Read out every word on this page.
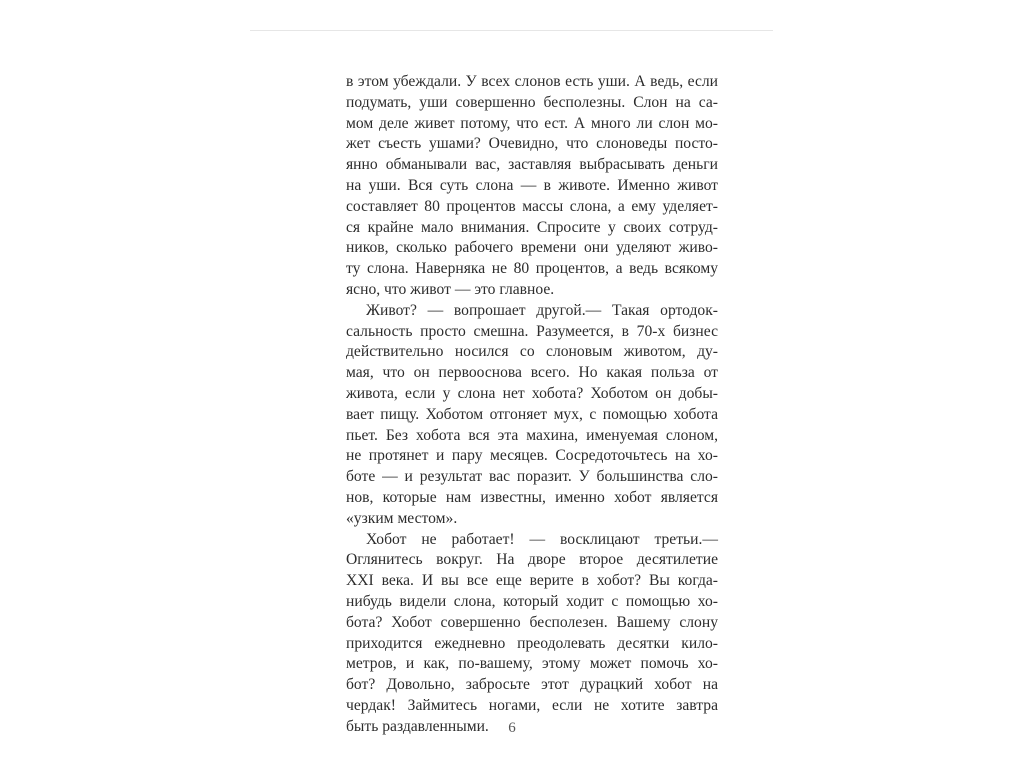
в этом убеждали. У всех слонов есть уши. А ведь, если
подумать, уши совершенно бесполезны. Слон на са-
мом деле живет потому, что ест. А много ли слон мо-
жет съесть ушами? Очевидно, что слоноведы посто-
янно обманывали вас, заставляя выбрасывать деньги
на уши. Вся суть слона — в животе. Именно живот
составляет 80 процентов массы слона, а ему уделяет-
ся крайне мало внимания. Спросите у своих сотруд-
ников, сколько рабочего времени они уделяют живо-
ту слона. Наверняка не 80 процентов, а ведь всякому
ясно, что живот — это главное.
Живот? — вопрошает другой.— Такая ортодок-
сальность просто смешна. Разумеется, в 70-х бизнес
действительно носился со слоновым животом, ду-
мая, что он первооснова всего. Но какая польза от
живота, если у слона нет хобота? Хоботом он добы-
вает пищу. Хоботом отгоняет мух, с помощью хобота
пьет. Без хобота вся эта махина, именуемая слоном,
не протянет и пару месяцев. Сосредоточьтесь на хо-
боте — и результат вас поразит. У большинства сло-
нов, которые нам известны, именно хобот является
«узким местом».
Хобот не работает! — восклицают третьи.—
Оглянитесь вокруг. На дворе второе десятилетие
XXI века. И вы все еще верите в хобот? Вы когда-
нибудь видели слона, который ходит с помощью хо-
бота? Хобот совершенно бесполезен. Вашему слону
приходится ежедневно преодолевать десятки кило-
метров, и как, по-вашему, этому может помочь хо-
бот? Довольно, забросьте этот дурацкий хобот на
чердак! Займитесь ногами, если не хотите завтра
быть раздавленными.	6
